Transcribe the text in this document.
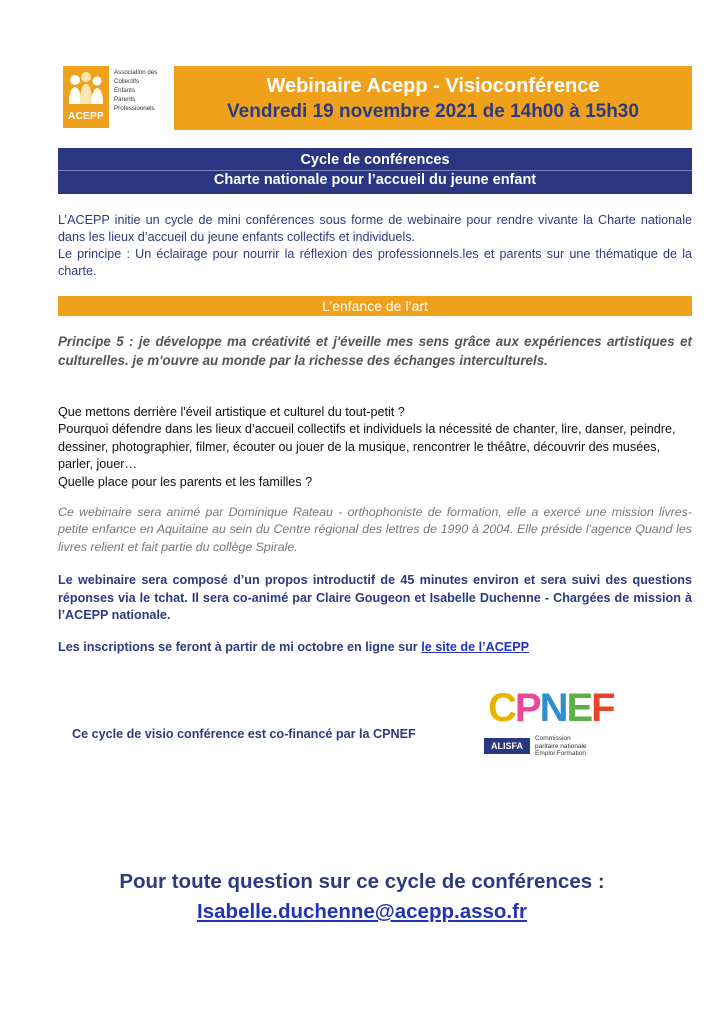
ACEPP
Association des
Collectifs
Enfants
Parents
Professionnels
Webinaire Acepp - Visioconférence
Vendredi 19 novembre 2021 de 14h00 à 15h30
Cycle de conférences
Charte nationale pour l’accueil du jeune enfant

L’ACEPP initie un cycle de mini conférences sous forme de webinaire pour rendre vivante la Charte nationale dans les lieux d’accueil du jeune enfants collectifs et individuels.

Le principe : Un éclairage pour nourrir la réflexion des professionnels.les et parents sur une thématique de la charte.

L’enfance de l’art
Principe 5 : je développe ma créativité et j'éveille mes sens grâce aux expériences artistiques et culturelles. je m'ouvre au monde par la richesse des échanges interculturels.

Que mettons derrière l'éveil artistique et culturel du tout-petit ?

Pourquoi défendre dans les lieux d’accueil collectifs et individuels la nécessité de chanter, lire, danser, peindre, dessiner, photographier, filmer, écouter ou jouer de la musique, rencontrer le théâtre, découvrir des musées, parler, jouer…

Quelle place pour les parents et les familles ?

Ce webinaire sera animé par Dominique Rateau - orthophoniste de formation, elle a exercé une mission livres-petite enfance en Aquitaine au sein du Centre régional des lettres de 1990 à 2004. Elle préside l'agence Quand les livres relient et fait partie du collège Spirale.
Le webinaire sera composé d’un propos introductif de 45 minutes environ et sera suivi des questions réponses via le tchat. Il sera co-animé par Claire Gougeon et Isabelle Duchenne - Chargées de mission à l’ACEPP nationale.
Les inscriptions se feront à partir de mi octobre en ligne sur le site de l’ACEPP
Ce cycle de visio conférence est co-financé par la CPNEF
CPNEF
ALISFA
Commission
paritaire nationale
Emploi Formation
Pour toute question sur ce cycle de conférences :
Isabelle.duchenne@acepp.asso.fr
